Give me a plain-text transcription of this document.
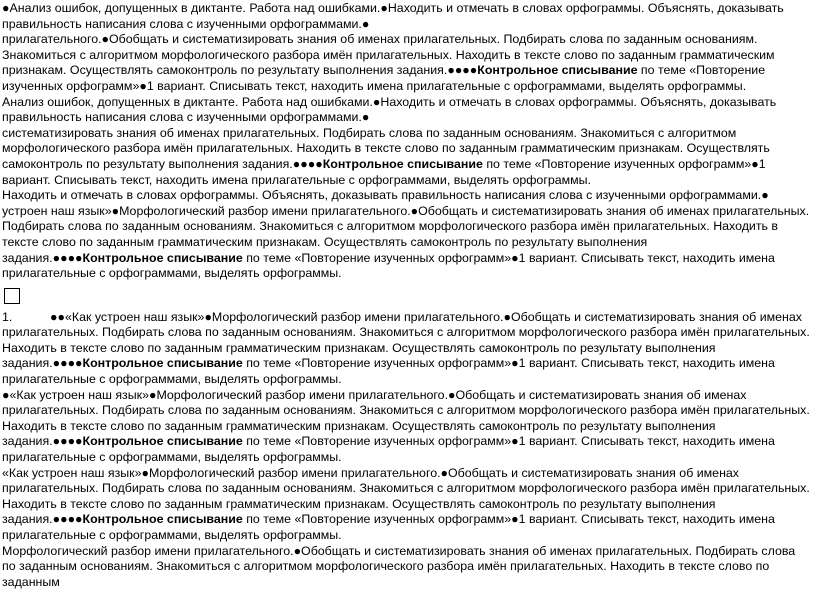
●Анализ ошибок, допущенных в диктанте. Работа над ошибками.●Находить и отмечать в словах орфограммы. Объяснять, доказывать правильность написания слова с изученными орфограммами.●

прилагательного.●Обобщать и систематизировать знания об именах прилагательных. Подбирать слова по заданным основаниям. Знакомиться с алгоритмом морфологического разбора имён прилагательных. Находить в тексте слово по заданным грамматическим признакам. Осуществлять самоконтроль по результату выполнения задания.●●●●Контрольное списывание по теме «Повторение изученных орфограмм»●1 вариант. Списывать текст, находить имена прилагательные с орфограммами, выделять орфограммы.

Анализ ошибок, допущенных в диктанте. Работа над ошибками.●Находить и отмечать в словах орфограммы. Объяснять, доказывать правильность написания слова с изученными орфограммами.●

систематизировать знания об именах прилагательных. Подбирать слова по заданным основаниям. Знакомиться с алгоритмом морфологического разбора имён прилагательных. Находить в тексте слово по заданным грамматическим признакам. Осуществлять самоконтроль по результату выполнения задания.●●●●Контрольное списывание по теме «Повторение изученных орфограмм»●1 вариант. Списывать текст, находить имена прилагательные с орфограммами, выделять орфограммы.

Находить и отмечать в словах орфограммы. Объяснять, доказывать правильность написания слова с изученными орфограммами.●

устроен наш язык»●Морфологический разбор имени прилагательного.●Обобщать и систематизировать знания об именах прилагательных. Подбирать слова по заданным основаниям. Знакомиться с алгоритмом морфологического разбора имён прилагательных. Находить в тексте слово по заданным грамматическим признакам. Осуществлять самоконтроль по результату выполнения задания.●●●●Контрольное списывание по теме «Повторение изученных орфограмм»●1 вариант. Списывать текст, находить имена прилагательные с орфограммами, выделять орфограммы.

1.	●●«Как устроен наш язык»●Морфологический разбор имени прилагательного.●Обобщать и систематизировать знания об именах прилагательных. Подбирать слова по заданным основаниям. Знакомиться с алгоритмом морфологического разбора имён прилагательных. Находить в тексте слово по заданным грамматическим признакам. Осуществлять самоконтроль по результату выполнения задания.●●●●Контрольное списывание по теме «Повторение изученных орфограмм»●1 вариант. Списывать текст, находить имена прилагательные с орфограммами, выделять орфограммы.

●«Как устроен наш язык»●Морфологический разбор имени прилагательного.●Обобщать и систематизировать знания об именах прилагательных. Подбирать слова по заданным основаниям. Знакомиться с алгоритмом морфологического разбора имён прилагательных. Находить в тексте слово по заданным грамматическим признакам. Осуществлять самоконтроль по результату выполнения задания.●●●●Контрольное списывание по теме «Повторение изученных орфограмм»●1 вариант. Списывать текст, находить имена прилагательные с орфограммами, выделять орфограммы.

«Как устроен наш язык»●Морфологический разбор имени прилагательного.●Обобщать и систематизировать знания об именах прилагательных. Подбирать слова по заданным основаниям. Знакомиться с алгоритмом морфологического разбора имён прилагательных. Находить в тексте слово по заданным грамматическим признакам. Осуществлять самоконтроль по результату выполнения задания.●●●●Контрольное списывание по теме «Повторение изученных орфограмм»●1 вариант. Списывать текст, находить имена прилагательные с орфограммами, выделять орфограммы.

Морфологический разбор имени прилагательного.●Обобщать и систематизировать знания об именах прилагательных. Подбирать слова по заданным основаниям. Знакомиться с алгоритмом морфологического разбора имён прилагательных. Находить в тексте слово по заданным
